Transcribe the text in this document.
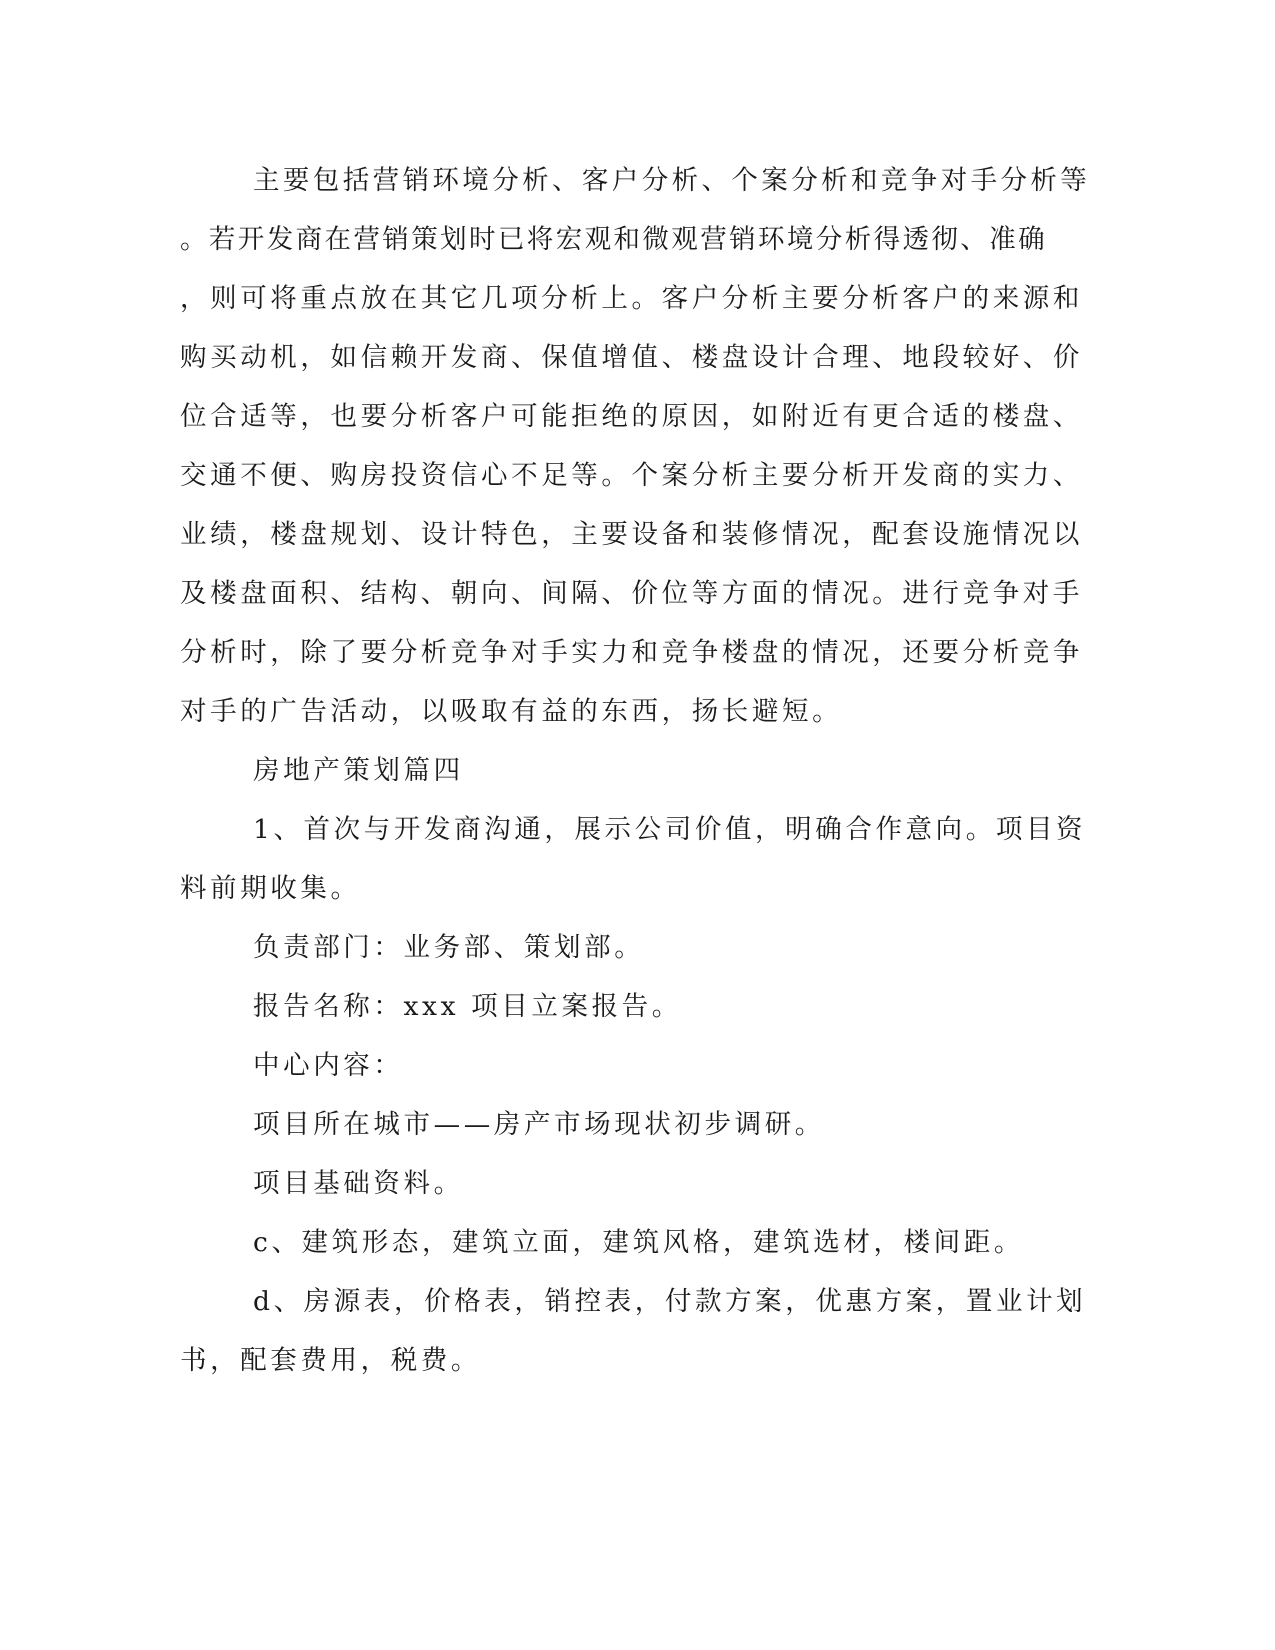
主要包括营销环境分析、客户分析、个案分析和竞争对手分析等
。若开发商在营销策划时已将宏观和微观营销环境分析得透彻、准确
，则可将重点放在其它几项分析上。客户分析主要分析客户的来源和
购买动机，如信赖开发商、保值增值、楼盘设计合理、地段较好、价
位合适等，也要分析客户可能拒绝的原因，如附近有更合适的楼盘、
交通不便、购房投资信心不足等。个案分析主要分析开发商的实力、
业绩，楼盘规划、设计特色，主要设备和装修情况，配套设施情况以
及楼盘面积、结构、朝向、间隔、价位等方面的情况。进行竞争对手
分析时，除了要分析竞争对手实力和竞争楼盘的情况，还要分析竞争
对手的广告活动，以吸取有益的东西，扬长避短。
房地产策划篇四
1、首次与开发商沟通，展示公司价值，明确合作意向。项目资
料前期收集。
负责部门：业务部、策划部。
报告名称：xxx 项目立案报告。
中心内容：
项目所在城市——房产市场现状初步调研。
项目基础资料。
c、建筑形态，建筑立面，建筑风格，建筑选材，楼间距。
d、房源表，价格表，销控表，付款方案，优惠方案，置业计划
书，配套费用，税费。
